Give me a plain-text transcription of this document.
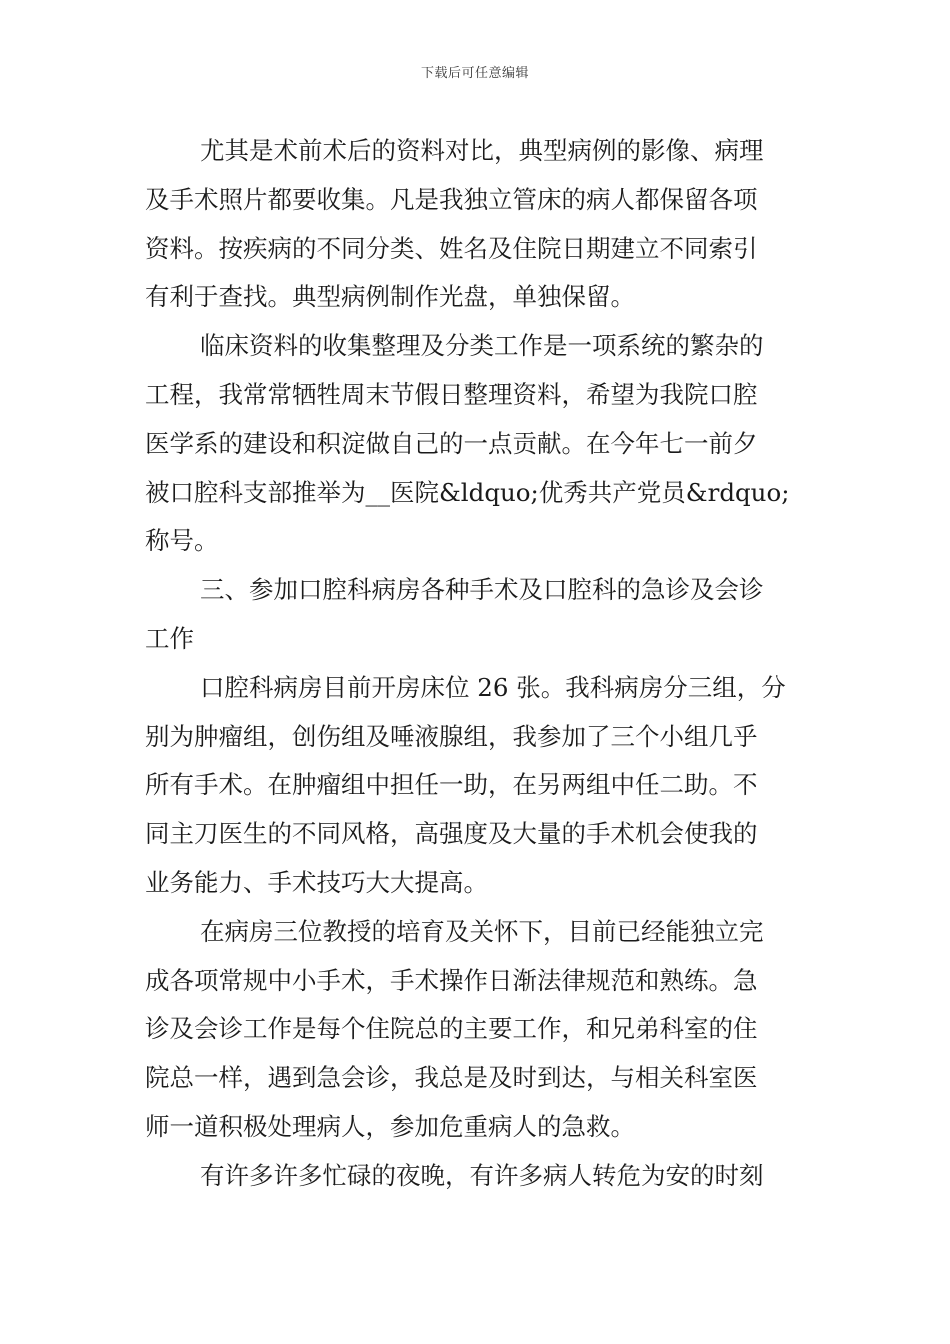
下载后可任意编辑
尤其是术前术后的资料对比，典型病例的影像、病理
及手术照片都要收集。凡是我独立管床的病人都保留各项
资料。按疾病的不同分类、姓名及住院日期建立不同索引
有利于查找。典型病例制作光盘，单独保留。
临床资料的收集整理及分类工作是一项系统的繁杂的
工程，我常常牺牲周末节假日整理资料，希望为我院口腔
医学系的建设和积淀做自己的一点贡献。在今年七一前夕
被口腔科支部推举为__医院&ldquo;优秀共产党员&rdquo;
称号。
三、参加口腔科病房各种手术及口腔科的急诊及会诊
工作
口腔科病房目前开房床位 26 张。我科病房分三组，分
别为肿瘤组，创伤组及唾液腺组，我参加了三个小组几乎
所有手术。在肿瘤组中担任一助，在另两组中任二助。不
同主刀医生的不同风格，高强度及大量的手术机会使我的
业务能力、手术技巧大大提高。
在病房三位教授的培育及关怀下，目前已经能独立完
成各项常规中小手术，手术操作日渐法律规范和熟练。急
诊及会诊工作是每个住院总的主要工作，和兄弟科室的住
院总一样，遇到急会诊，我总是及时到达，与相关科室医
师一道积极处理病人，参加危重病人的急救。
有许多许多忙碌的夜晚，有许多病人转危为安的时刻
